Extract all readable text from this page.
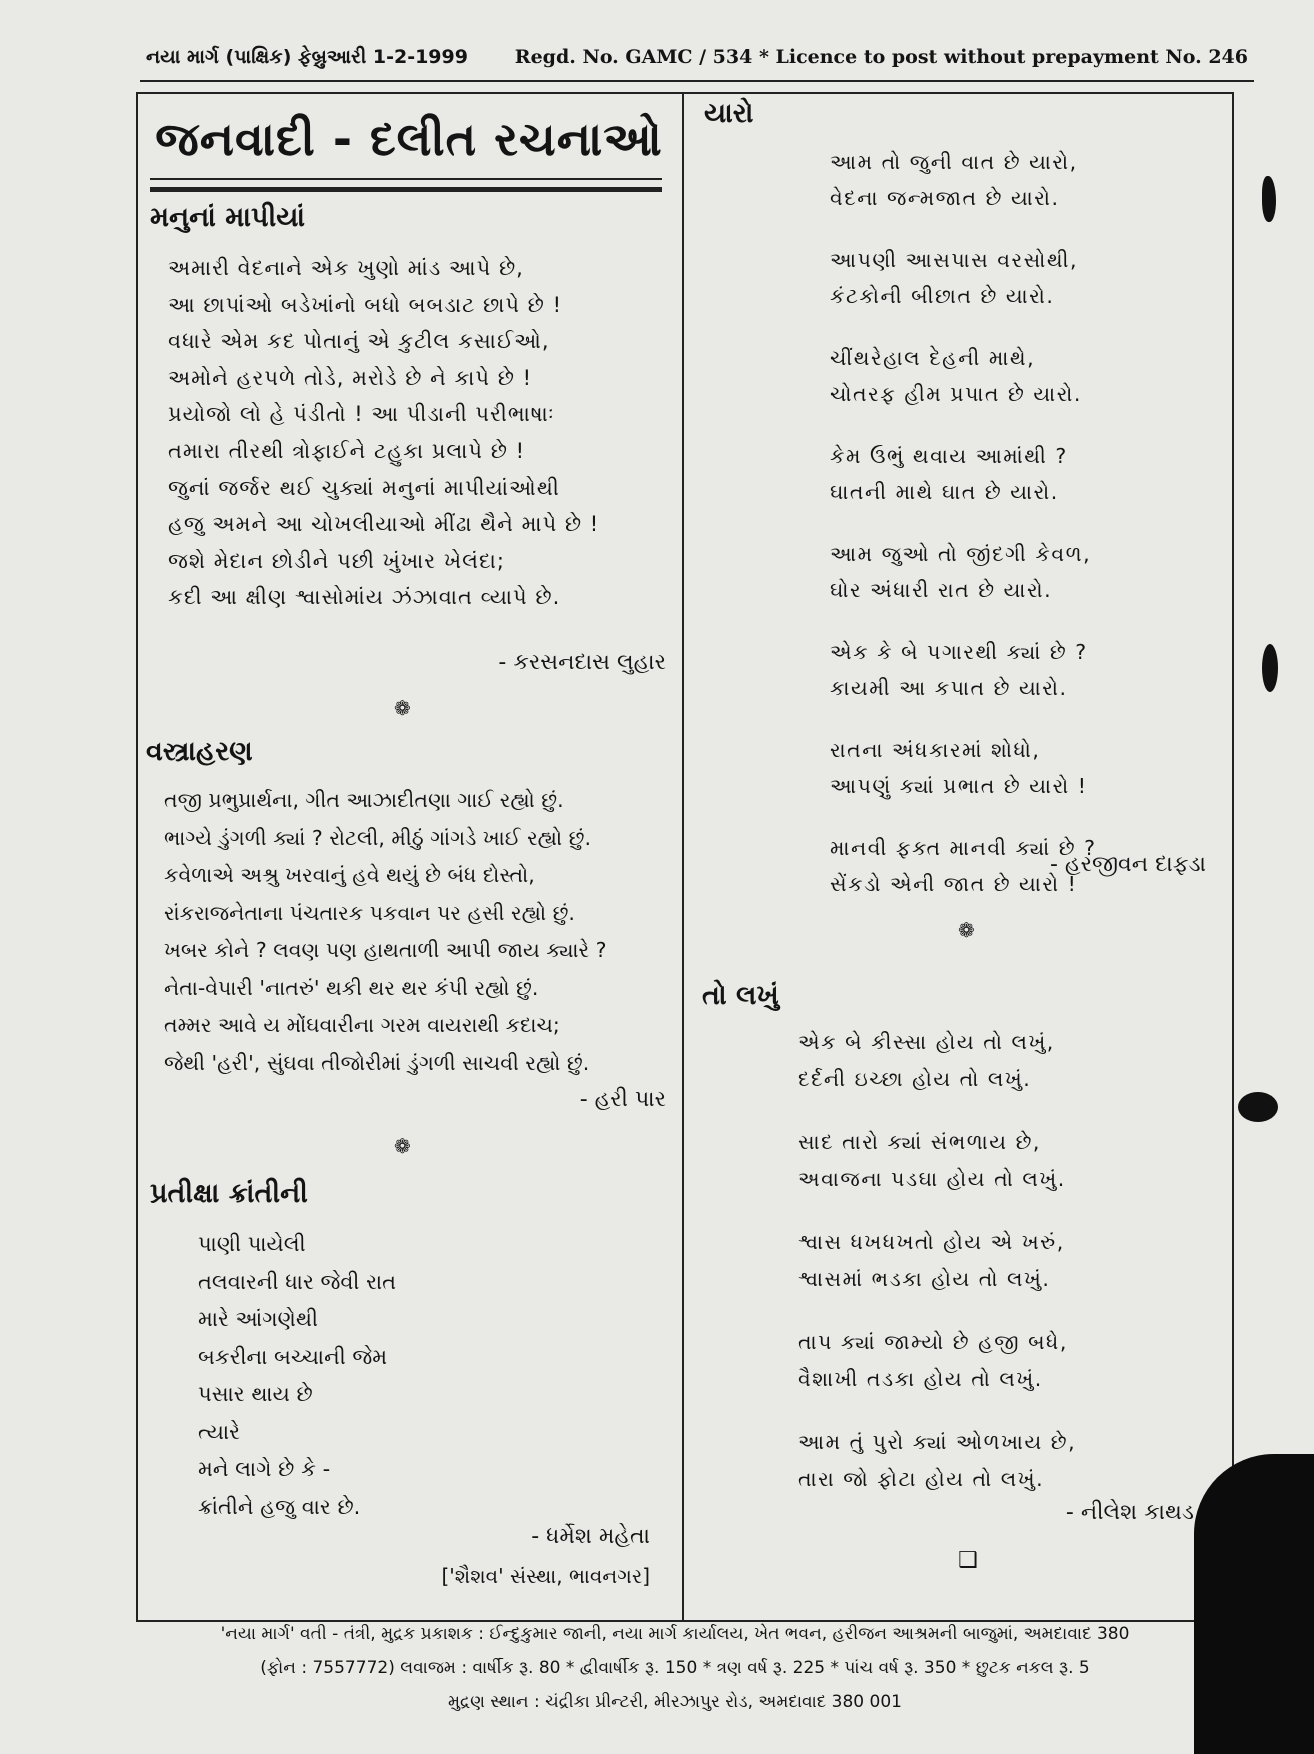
નયા માર્ગ (પાક્ષિક) ફેબ્રુઆરી 1-2-1999 Regd. No. GAMC / 534 * Licence to post without prepayment No. 246
જનવાદી - દલીત રચનાઓ
મનુનાં માપીયાં
અમારી વેદનાને એક ખુણો માંડ આપે છે,
આ છાપાંઓ બડેખાંનો બધો બબડાટ છાપે છે !
વધારે એમ કદ પોતાનું એ કુટીલ કસાઈઓ,
અમોને હરપળે તોડે, મરોડે છે ને કાપે છે !
પ્રયોજો લો હે પંડીતો ! આ પીડાની પરીભાષાઃ
તમારા તીરથી ત્રોફાઈને ટહુકા પ્રલાપે છે !
જુનાં જર્જર થઈ ચુક્યાં મનુનાં માપીયાંઓથી
હજુ અમને આ ચોખલીયાઓ મીંઢા થૈને માપે છે !
જશે મેદાન છોડીને પછી ખુંખાર ખેલંદા;
કદી આ ક્ષીણ શ્વાસોમાંય ઝંઝાવાત વ્યાપે છે.
- કરસનદાસ લુહાર
❁
વસ્ત્રાહરણ
તજી પ્રભુપ્રાર્થના, ગીત આઝાદીતણા ગાઈ રહ્યો છું.
ભાગ્યે ડુંગળી ક્યાં ? રોટલી, મીઠું ગાંગડે ખાઈ રહ્યો છું.
કવેળાએ અશ્રુ ખરવાનું હવે થયું છે બંધ દોસ્તો,
રાંકરાજનેતાના પંચતારક પકવાન પર હસી રહ્યો છું.
ખબર કોને ? લવણ પણ હાથતાળી આપી જાય ક્યારે ?
નેતા-વેપારી 'નાતરું' થકી થર થર કંપી રહ્યો છું.
તમ્મર આવે ય મોંઘવારીના ગરમ વાયરાથી કદાચ;
જેથી 'હરી', સુંઘવા તીજોરીમાં ડુંગળી સાચવી રહ્યો છું.
- હરી પાર
❁
પ્રતીક્ષા ક્રાંતીની
પાણી પાયેલી
તલવારની ધાર જેવી રાત
મારે આંગણેથી
બકરીના બચ્ચાની જેમ
પસાર થાય છે
ત્યારે
મને લાગે છે કે -
ક્રાંતીને હજુ વાર છે.
- ધર્મેશ મહેતા
['શૈશવ' સંસ્થા, ભાવનગર]
યારો
આમ તો જુની વાત છે યારો,
વેદના જન્મજાત છે યારો.
આપણી આસપાસ વરસોથી,
કંટકોની બીછાત છે યારો.
ચીંથરેહાલ દેહની માથે,
ચોતરફ હીમ પ્રપાત છે યારો.
કેમ ઉભું થવાય આમાંથી ?
ઘાતની માથે ઘાત છે યારો.
આમ જુઓ તો જીંદગી કેવળ,
ઘોર અંધારી રાત છે યારો.
એક કે બે પગારથી ક્યાં છે ?
કાયમી આ કપાત છે યારો.
રાતના અંધકારમાં શોધો,
આપણું ક્યાં પ્રભાત છે યારો !
માનવી ફક્ત માનવી ક્યાં છે ?
સેંકડો એની જાત છે યારો !
- હરજીવન દાફડા
❁
તો લખું
એક બે કીસ્સા હોય તો લખું,
દર્દની ઇચ્છા હોય તો લખું.
સાદ તારો ક્યાં સંભળાય છે,
અવાજના પડઘા હોય તો લખું.
શ્વાસ ધખધખતો હોય એ ખરું,
શ્વાસમાં ભડકા હોય તો લખું.
તાપ ક્યાં જામ્યો છે હજી બધે,
વૈશાખી તડકા હોય તો લખું.
આમ તું પુરો ક્યાં ઓળખાય છે,
તારા જો ફોટા હોય તો લખું.
- નીલેશ કાથડ
❑
'નયા માર્ગ' વતી - તંત્રી, મુદ્રક પ્રકાશક : ઈન્દુકુમાર જાની, નયા માર્ગ કાર્યાલય, ખેત ભવન, હરીજન આશ્રમની બાજુમાં, અમદાવાદ 380
(ફોન : 7557772) લવાજમ : વાર્ષીક રૂ. 80 * દ્વીવાર્ષીક રૂ. 150 * ત્રણ વર્ષ રૂ. 225 * પાંચ વર્ષ રૂ. 350 * છુટક નકલ રૂ. 5
મુદ્રણ સ્થાન : ચંદ્રીકા પ્રીન્ટરી, મીરઝાપુર રોડ, અમદાવાદ 380 001
